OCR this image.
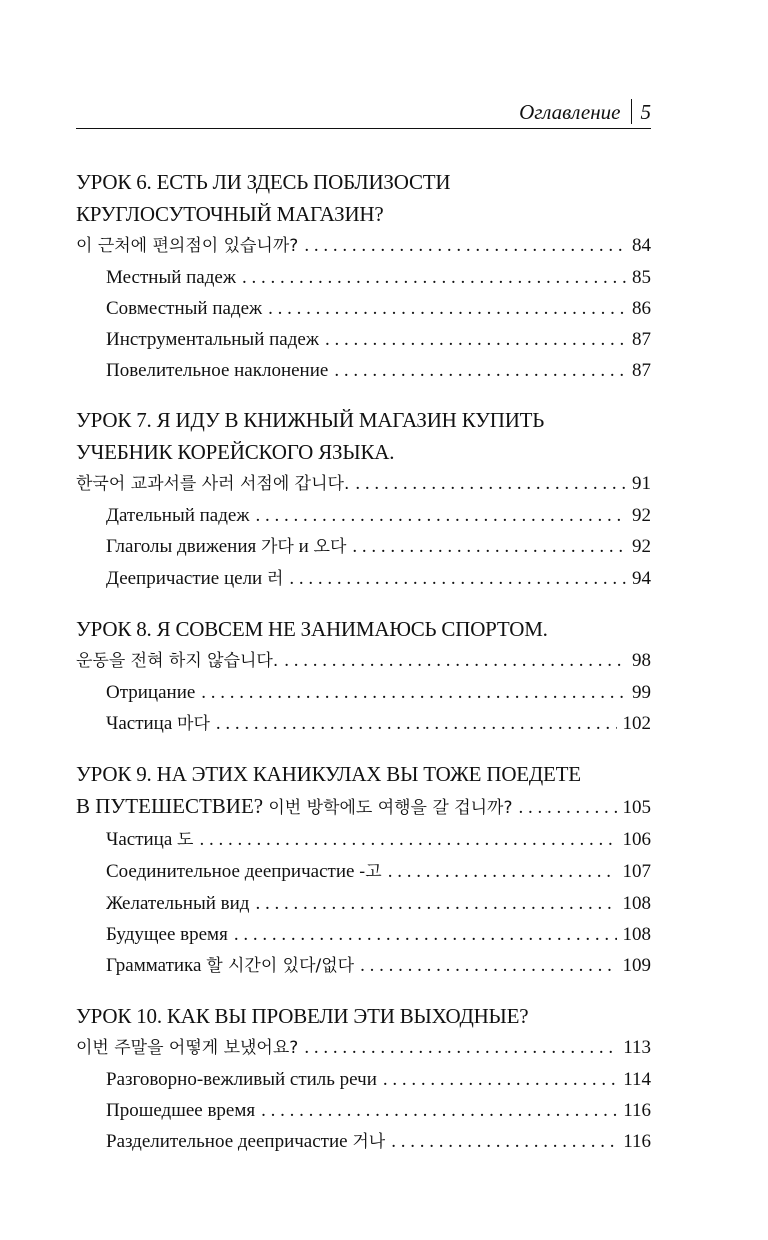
Оглавление 5
УРОК 6. ЕСТЬ ЛИ ЗДЕСЬ ПОБЛИЗОСТИ
КРУГЛОСУТОЧНЫЙ МАГАЗИН?
이 근처에 편의점이 있습니까? . . .	84
Местный падеж . . .	85
Совместный падеж . . .	86
Инструментальный падеж . . .	87
Повелительное наклонение . . .	87
УРОК 7. Я ИДУ В КНИЖНЫЙ МАГАЗИН КУПИТЬ
УЧЕБНИК КОРЕЙСКОГО ЯЗЫКА.
한국어 교과서를 사러 서점에 갑니다. . . .	91
Дательный падеж . . .	92
Глаголы движения 가다 и 오다 . . .	92
Деепричастие цели 러 . . .	94
УРОК 8. Я СОВСЕМ НЕ ЗАНИМАЮСЬ СПОРТОМ.
운동을 전혀 하지 않습니다. . . .	98
Отрицание . . .	99
Частица 마다 . . .	102
УРОК 9. НА ЭТИХ КАНИКУЛАХ ВЫ ТОЖЕ ПОЕДЕТЕ
В ПУТЕШЕСТВИЕ? 이번 방학에도 여행을 갈 겁니까? . . .	105
Частица 도 . . .	106
Соединительное деепричастие -고 . . .	107
Желательный вид . . .	108
Будущее время . . .	108
Грамматика 할 시간이 있다/없다 . . .	109
УРОК 10. КАК ВЫ ПРОВЕЛИ ЭТИ ВЫХОДНЫЕ?
이번 주말을 어떻게 보냈어요? . . .	113
Разговорно-вежливый стиль речи . . .	114
Прошедшее время . . .	116
Разделительное деепричастие 거나 . . .	116
